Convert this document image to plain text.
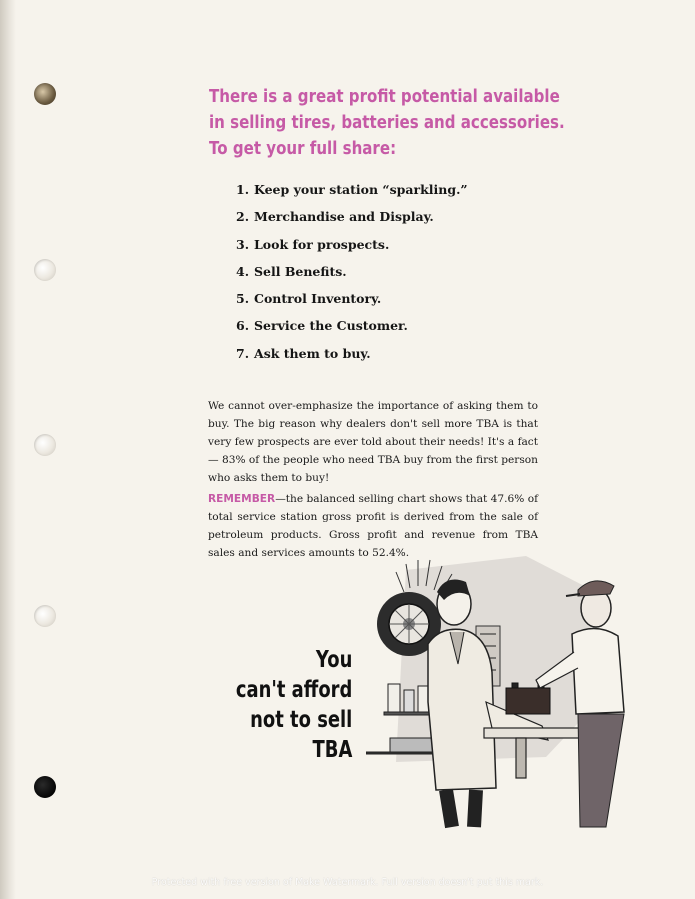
There is a great profit potential available
in selling tires, batteries and accessories.
To get your full share:
1. Keep your station “sparkling.”
2. Merchandise and Display.
3. Look for prospects.
4. Sell Benefits.
5. Control Inventory.
6. Service the Customer.
7. Ask them to buy.

We cannot over-emphasize the importance of asking them to buy. The big reason why dealers don't sell more TBA is that very few prospects are ever told about their needs! It's a fact — 83% of the people who need TBA buy from the first person who asks them to buy!

REMEMBER—the balanced selling chart shows that 47.6% of total service station gross profit is derived from the sale of petroleum products. Gross profit and revenue from TBA sales and services amounts to 52.4%.

You
can't afford
not to sell
TBA
Protected with free version of Make Watermark. Full version doesn't put this mark.
